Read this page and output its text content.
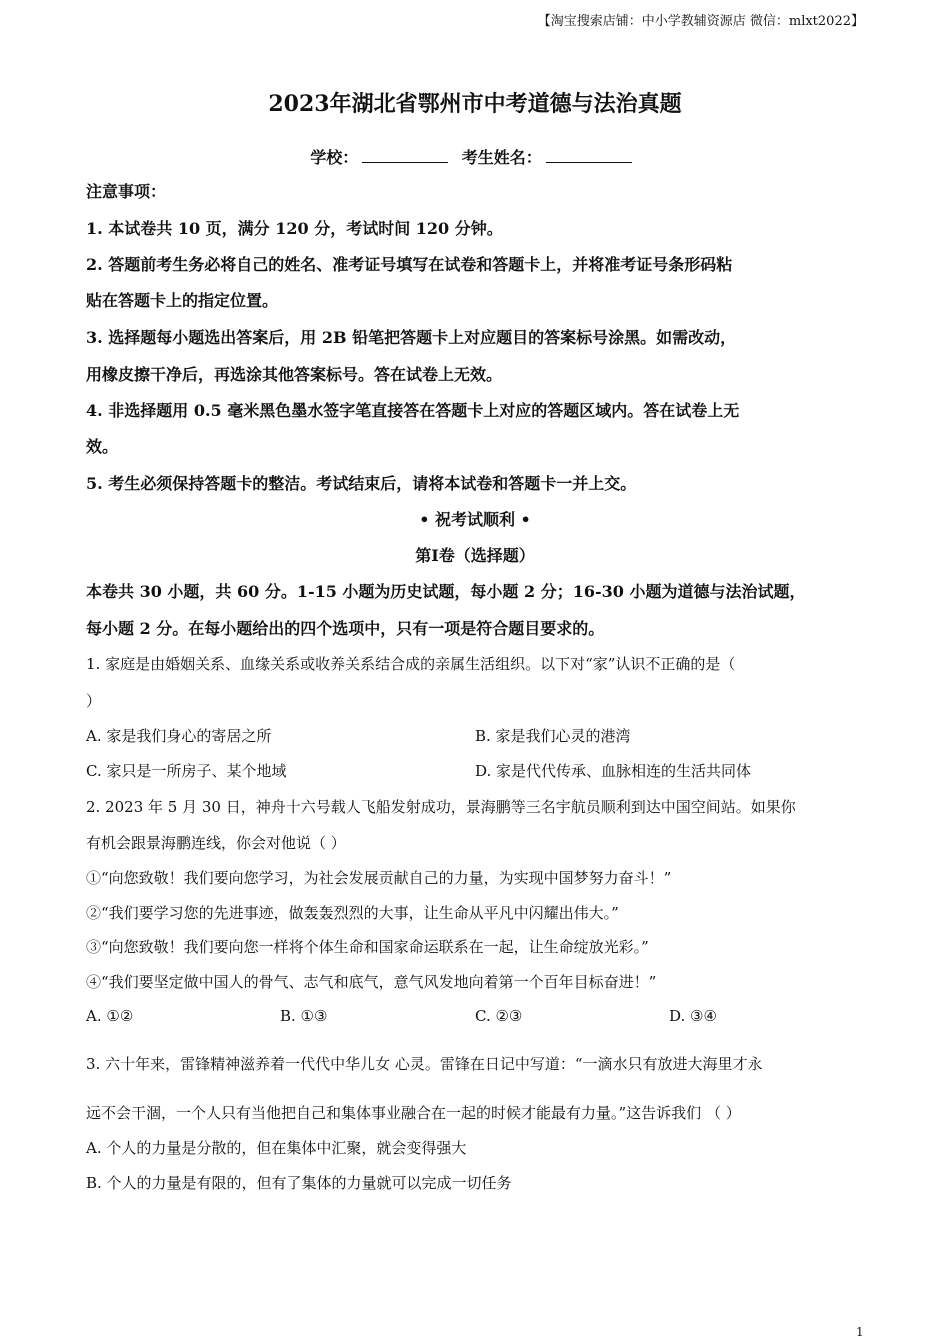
【淘宝搜索店铺：中小学教辅资源店 微信：mlxt2022】
2023年湖北省鄂州市中考道德与法治真题
学校：	考生姓名：
注意事项：
1. 本试卷共 10 页，满分 120 分，考试时间 120 分钟。
2. 答题前考生务必将自己的姓名、准考证号填写在试卷和答题卡上，并将准考证号条形码粘
贴在答题卡上的指定位置。
3. 选择题每小题选出答案后，用 2B 铅笔把答题卡上对应题目的答案标号涂黑。如需改动，
用橡皮擦干净后，再选涂其他答案标号。答在试卷上无效。
4. 非选择题用 0.5 毫米黑色墨水签字笔直接答在答题卡上对应的答题区域内。答在试卷上无
效。
5. 考生必须保持答题卡的整洁。考试结束后，请将本试卷和答题卡一并上交。
• 祝考试顺利 •
第Ⅰ卷（选择题）
本卷共 30 小题，共 60 分。1-15 小题为历史试题，每小题 2 分；16-30 小题为道德与法治试题，
每小题 2 分。在每小题给出的四个选项中，只有一项是符合题目要求的。
1. 家庭是由婚姻关系、血缘关系或收养关系结合成的亲属生活组织。以下对“家”认识不正确的是（
）
A. 家是我们身心的寄居之所	B. 家是我们心灵的港湾
C. 家只是一所房子、某个地域	D. 家是代代传承、血脉相连的生活共同体
2. 2023 年 5 月 30 日，神舟十六号载人飞船发射成功，景海鹏等三名宇航员顺利到达中国空间站。如果你
有机会跟景海鹏连线，你会对他说（ ）
①“向您致敬！我们要向您学习，为社会发展贡献自己的力量，为实现中国梦努力奋斗！”
②“我们要学习您的先进事迹，做轰轰烈烈的大事，让生命从平凡中闪耀出伟大。”
③“向您致敬！我们要向您一样将个体生命和国家命运联系在一起，让生命绽放光彩。”
④“我们要坚定做中国人的骨气、志气和底气，意气风发地向着第一个百年目标奋进！”
A. ①②	B. ①③	C. ②③	D. ③④
3. 六十年来，雷锋精神滋养着一代代中华儿女 心灵。雷锋在日记中写道：“一滴水只有放进大海里才永
远不会干涸，一个人只有当他把自己和集体事业融合在一起的时候才能最有力量。”这告诉我们 （ ）
A. 个人的力量是分散的，但在集体中汇聚，就会变得强大
B. 个人的力量是有限的，但有了集体的力量就可以完成一切任务
1
